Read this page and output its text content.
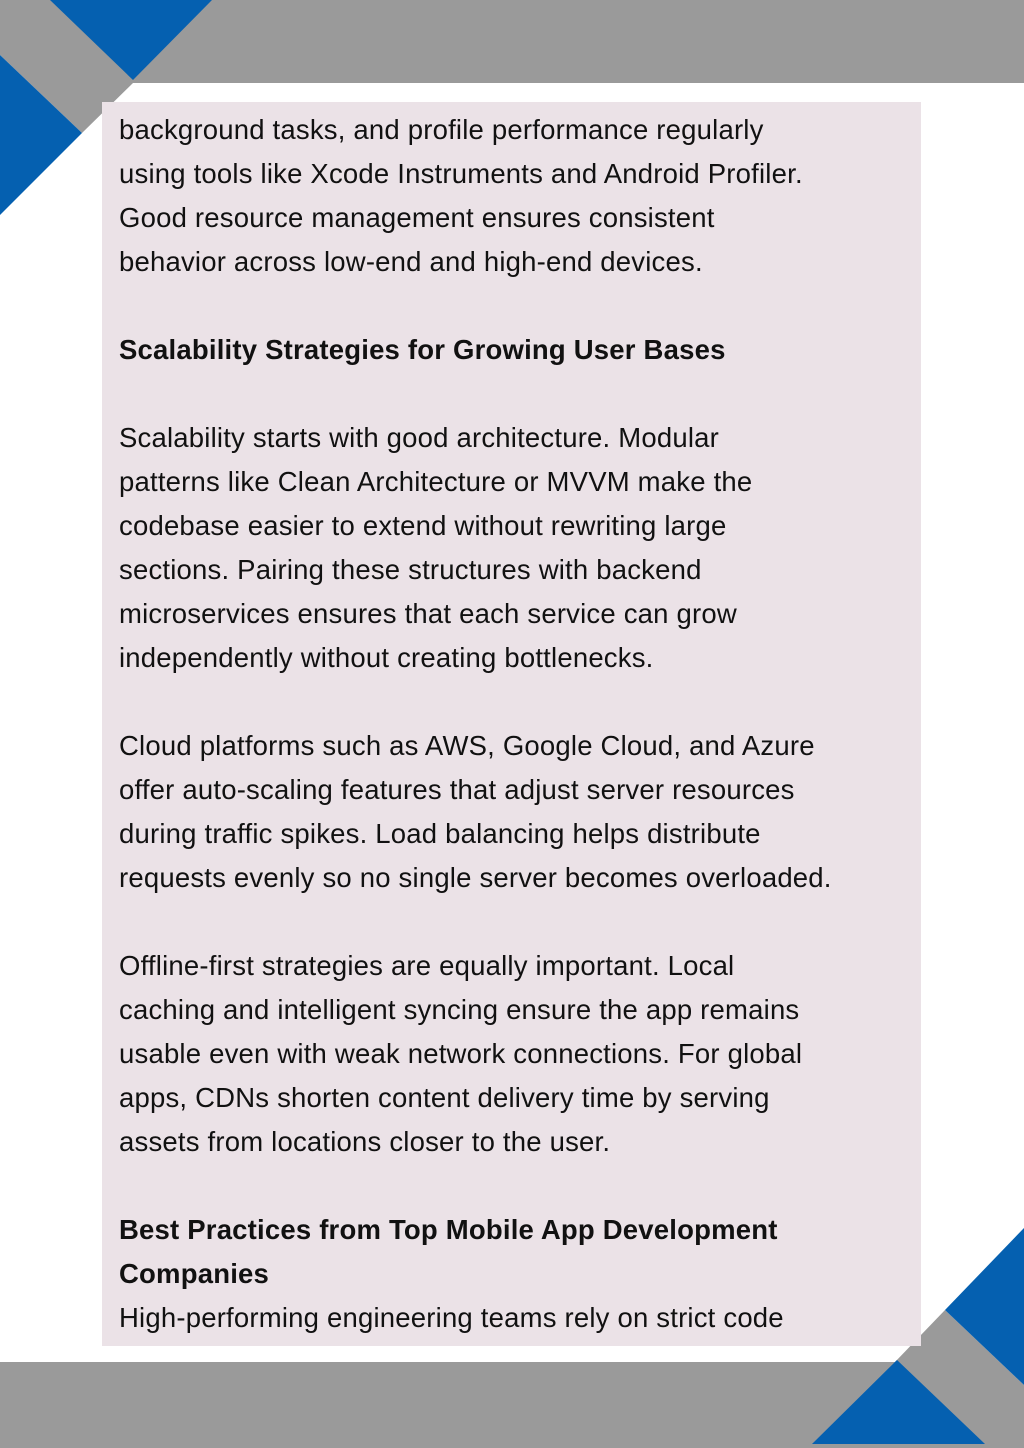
background tasks, and profile performance regularly
using tools like Xcode Instruments and Android Profiler.
Good resource management ensures consistent
behavior across low-end and high-end devices.
Scalability Strategies for Growing User Bases
Scalability starts with good architecture. Modular
patterns like Clean Architecture or MVVM make the
codebase easier to extend without rewriting large
sections. Pairing these structures with backend
microservices ensures that each service can grow
independently without creating bottlenecks.
Cloud platforms such as AWS, Google Cloud, and Azure
offer auto-scaling features that adjust server resources
during traffic spikes. Load balancing helps distribute
requests evenly so no single server becomes overloaded.
Offline-first strategies are equally important. Local
caching and intelligent syncing ensure the app remains
usable even with weak network connections. For global
apps, CDNs shorten content delivery time by serving
assets from locations closer to the user.
Best Practices from Top Mobile App Development
Companies
High-performing engineering teams rely on strict code
